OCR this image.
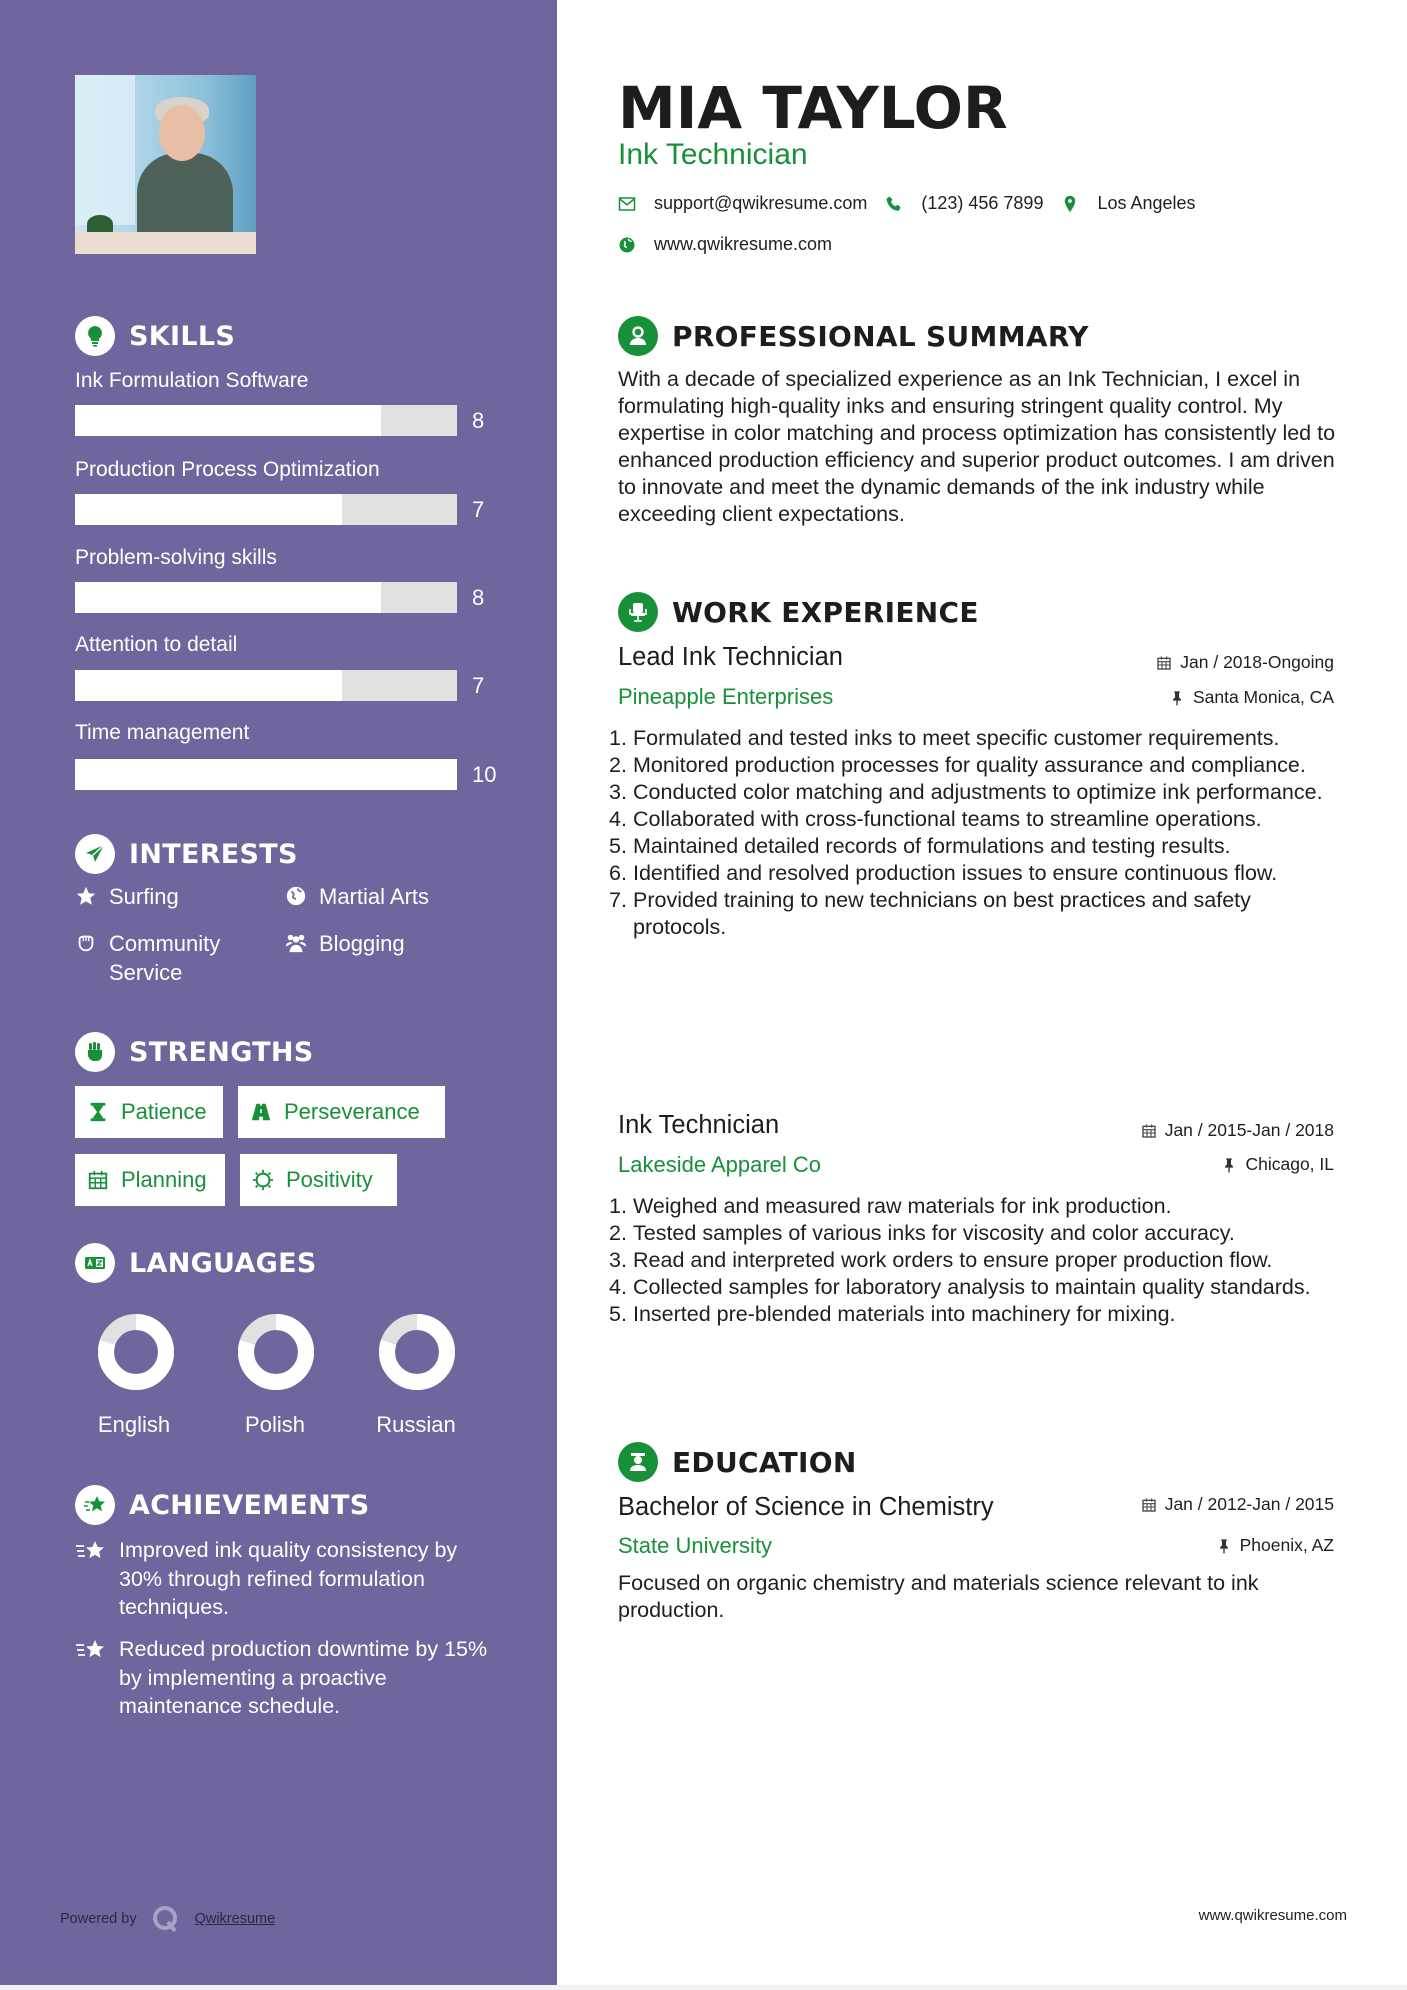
SKILLS
Ink Formulation Software
8
Production Process Optimization
7
Problem-solving skills
8
Attention to detail
7
Time management
10
INTERESTS
Surfing	Martial Arts
Community Service
Blogging
STRENGTHS
Patience	Perseverance
Planning	Positivity
LANGUAGES
English	Polish	Russian
ACHIEVEMENTS
Improved ink quality consistency by 30% through refined formulation techniques.
Reduced production downtime by 15% by implementing a proactive maintenance schedule.
Powered by	Qwikresume
MIA TAYLOR
Ink Technician
support@qwikresume.com	(123) 456 7899	Los Angeles
www.qwikresume.com
PROFESSIONAL SUMMARY

With a decade of specialized experience as an Ink Technician, I excel in formulating high-quality inks and ensuring stringent quality control. My expertise in color matching and process optimization has consistently led to enhanced production efficiency and superior product outcomes. I am driven to innovate and meet the dynamic demands of the ink industry while exceeding client expectations.

WORK EXPERIENCE
Lead Ink Technician	Jan / 2018-Ongoing
Pineapple Enterprises	Santa Monica, CA
1. Formulated and tested inks to meet specific customer requirements.
2. Monitored production processes for quality assurance and compliance.
3. Conducted color matching and adjustments to optimize ink performance.
4. Collaborated with cross-functional teams to streamline operations.
5. Maintained detailed records of formulations and testing results.
6. Identified and resolved production issues to ensure continuous flow.
7. Provided training to new technicians on best practices and safety protocols.
Ink Technician	Jan / 2015-Jan / 2018
Lakeside Apparel Co	Chicago, IL
1. Weighed and measured raw materials for ink production.
2. Tested samples of various inks for viscosity and color accuracy.
3. Read and interpreted work orders to ensure proper production flow.
4. Collected samples for laboratory analysis to maintain quality standards.
5. Inserted pre-blended materials into machinery for mixing.
EDUCATION
Bachelor of Science in Chemistry	Jan / 2012-Jan / 2015
State University	Phoenix, AZ

Focused on organic chemistry and materials science relevant to ink production.

www.qwikresume.com
